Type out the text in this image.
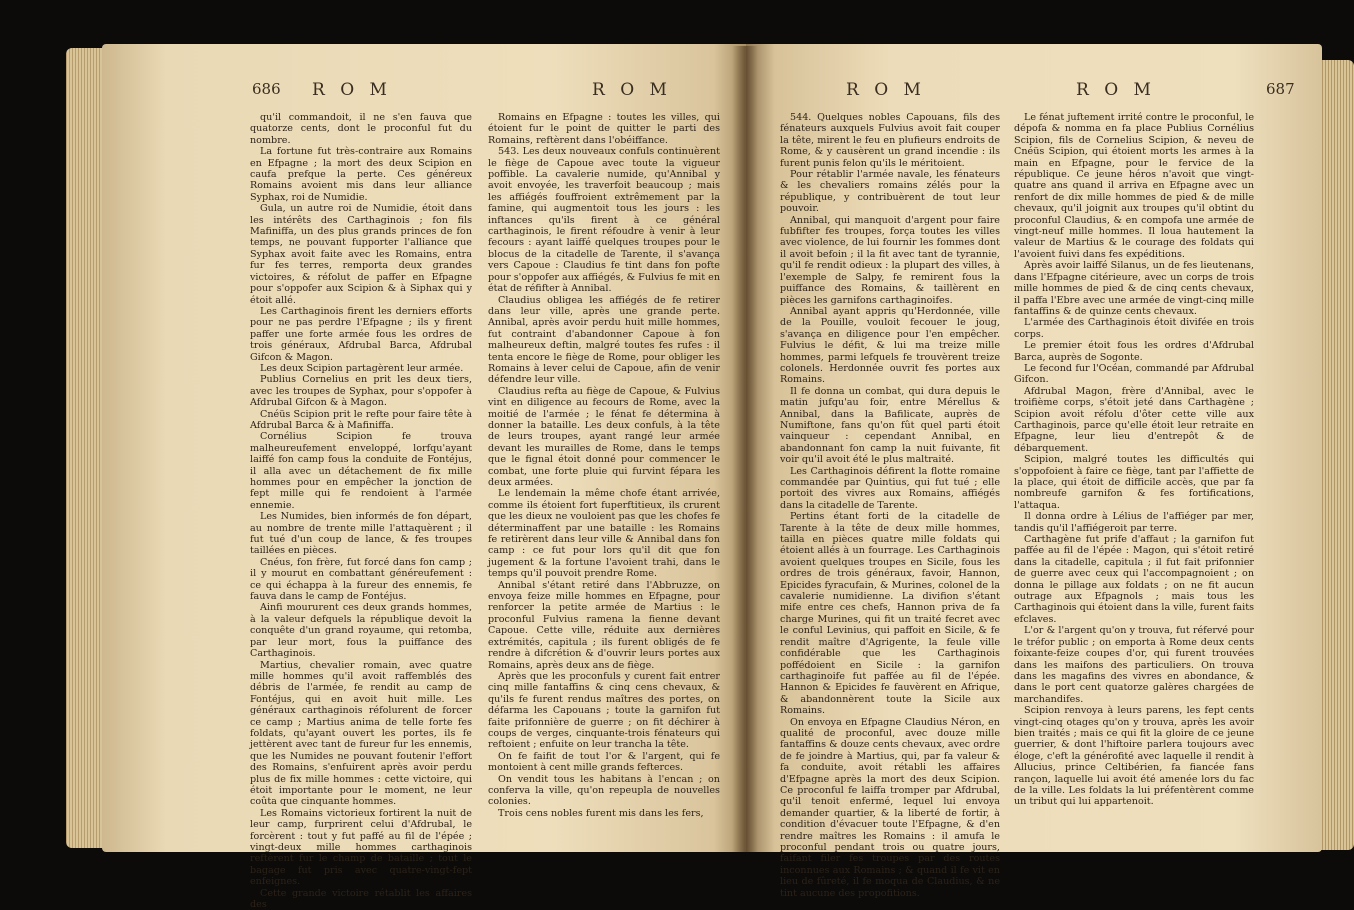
686 R O M	R O M

qu'il commandoit, il ne s'en fauva que quatorze cents, dont le proconful fut du nombre.

La fortune fut très-contraire aux Romains en Efpagne ; la mort des deux Scipion en caufa prefque la perte. Ces généreux Romains avoient mis dans leur alliance Syphax, roi de Numidie.

Gula, un autre roi de Numidie, étoit dans les intérêts des Carthaginois ; fon fils Mafiniffa, un des plus grands princes de fon temps, ne pouvant fupporter l'alliance que Syphax avoit faite avec les Romains, entra fur fes terres, remporta deux grandes victoires, & réfolut de paffer en Efpagne pour s'oppofer aux Scipion & à Siphax qui y étoit allé.

Les Carthaginois firent les derniers efforts pour ne pas perdre l'Efpagne ; ils y firent paffer une forte armée fous les ordres de trois généraux, Afdrubal Barca, Afdrubal Gifcon & Magon.

Les deux Scipion partagèrent leur armée.

Publius Cornelius en prit les deux tiers, avec les troupes de Syphax, pour s'oppofer à Afdrubal Gifcon & à Magon.

Cnéüs Scipion prit le refte pour faire tête à Afdrubal Barca & à Mafiniffa.

Cornélius Scipion fe trouva malheureufement enveloppé, lorfqu'ayant laiffé fon camp fous la conduite de Fontéjus, il alla avec un détachement de fix mille hommes pour en empêcher la jonction de fept mille qui fe rendoient à l'armée ennemie.

Les Numides, bien informés de fon départ, au nombre de trente mille l'attaquèrent ; il fut tué d'un coup de lance, & fes troupes taillées en pièces.

Cnéus, fon frère, fut forcé dans fon camp ; il y mourut en combattant généreufement : ce qui échappa à la fureur des ennemis, fe fauva dans le camp de Fontéjus.

Ainfi moururent ces deux grands hommes, à la valeur defquels la république devoit la conquête d'un grand royaume, qui retomba, par leur mort, fous la puiffance des Carthaginois.

Martius, chevalier romain, avec quatre mille hommes qu'il avoit raffemblés des débris de l'armée, fe rendit au camp de Fontéjus, qui en avoit huit mille. Les généraux carthaginois réfolurent de forcer ce camp ; Martius anima de telle forte fes foldats, qu'ayant ouvert les portes, ils fe jettèrent avec tant de fureur fur les ennemis, que les Numides ne pouvant foutenir l'effort des Romains, s'enfuirent après avoir perdu plus de fix mille hommes : cette victoire, qui étoit importante pour le moment, ne leur coûta que cinquante hommes.

Les Romains victorieux fortirent la nuit de leur camp, furprirent celui d'Afdrubal, le forcèrent : tout y fut paffé au fil de l'épée ; vingt-deux mille hommes carthaginois reftèrent fur le champ de bataille ; tout le bagage fut pris avec quatre-vingt-fept enfeignes.

Cette grande victoire rétablit les affaires des

Romains en Efpagne : toutes les villes, qui étoient fur le point de quitter le parti des Romains, reftèrent dans l'obéiffance.

543. Les deux nouveaux confuls continuèrent le fiège de Capoue avec toute la vigueur poffible. La cavalerie numide, qu'Annibal y avoit envoyée, les traverfoit beaucoup ; mais les affiégés fouffroient extrêmement par la famine, qui augmentoit tous les jours : les inftances qu'ils firent à ce général carthaginois, le firent réfoudre à venir à leur fecours : ayant laiffé quelques troupes pour le blocus de la citadelle de Tarente, il s'avança vers Capoue : Claudius fe tint dans fon pofte pour s'oppofer aux affiégés, & Fulvius fe mit en état de réfifter à Annibal.

Claudius obligea les affiégés de fe retirer dans leur ville, après une grande perte. Annibal, après avoir perdu huit mille hommes, fut contraint d'abandonner Capoue à fon malheureux deftin, malgré toutes fes rufes : il tenta encore le fiège de Rome, pour obliger les Romains à lever celui de Capoue, afin de venir défendre leur ville.

Claudius refta au fiège de Capoue, & Fulvius vint en diligence au fecours de Rome, avec la moitié de l'armée ; le fénat fe détermina à donner la bataille. Les deux confuls, à la tête de leurs troupes, ayant rangé leur armée devant les murailles de Rome, dans le temps que le fignal étoit donné pour commencer le combat, une forte pluie qui furvint fépara les deux armées.

Le lendemain la même chofe étant arrivée, comme ils étoient fort fuperftitieux, ils crurent que les dieux ne vouloient pas que les chofes fe déterminaffent par une bataille : les Romains fe retirèrent dans leur ville & Annibal dans fon camp : ce fut pour lors qu'il dit que fon jugement & la fortune l'avoient trahi, dans le temps qu'il pouvoit prendre Rome.

Annibal s'étant retiré dans l'Abbruzze, on envoya feize mille hommes en Efpagne, pour renforcer la petite armée de Martius : le proconful Fulvius ramena la fienne devant Capoue. Cette ville, réduite aux dernières extrémités, capitula ; ils furent obligés de fe rendre à difcrétion & d'ouvrir leurs portes aux Romains, après deux ans de fiège.

Après que les proconfuls y curent fait entrer cinq mille fantaffins & cinq cens chevaux, & qu'ils fe furent rendus maîtres des portes, on défarma les Capouans ; toute la garnifon fut faite prifonnière de guerre ; on fit déchirer à coups de verges, cinquante-trois fénateurs qui reftoient ; enfuite on leur trancha la tête.

On fe faifit de tout l'or & l'argent, qui fe montoient à cent mille grands fefterces.

On vendit tous les habitans à l'encan ; on conferva la ville, qu'on repeupla de nouvelles colonies.

Trois cens nobles furent mis dans les fers,

R O M	R O M	687

544. Quelques nobles Capouans, fils des fénateurs auxquels Fulvius avoit fait couper la tête, mirent le feu en plufieurs endroits de Rome, & y causèrent un grand incendie : ils furent punis felon qu'ils le méritoient.

Pour rétablir l'armée navale, les fénateurs & les chevaliers romains zélés pour la république, y contribuèrent de tout leur pouvoir.

Annibal, qui manquoit d'argent pour faire fubfifter fes troupes, força toutes les villes avec violence, de lui fournir les fommes dont il avoit befoin ; il la fit avec tant de tyrannie, qu'il fe rendit odieux : la plupart des villes, à l'exemple de Salpy, fe remirent fous la puiffance des Romains, & taillèrent en pièces les garnifons carthaginoifes.

Annibal ayant appris qu'Herdonnée, ville de la Pouille, vouloit fecouer le joug, s'avança en diligence pour l'en empêcher. Fulvius le défit, & lui ma treize mille hommes, parmi lefquels fe trouvèrent treize colonels. Herdonnée ouvrit fes portes aux Romains.

Il fe donna un combat, qui dura depuis le matin jufqu'au foir, entre Mérellus & Annibal, dans la Bafilicate, auprès de Numiftone, fans qu'on fût quel parti étoit vainqueur : cependant Annibal, en abandonnant fon camp la nuit fuivante, fit voir qu'il avoit été le plus maltraité.

Les Carthaginois défirent la flotte romaine commandée par Quintius, qui fut tué ; elle portoit des vivres aux Romains, affiégés dans la citadelle de Tarente.

Pertins étant forti de la citadelle de Tarente à la tête de deux mille hommes, tailla en pièces quatre mille foldats qui étoient allés à un fourrage. Les Carthaginois avoient quelques troupes en Sicile, fous les ordres de trois généraux, favoir, Hannon, Epicides fyracufain, & Murines, colonel de la cavalerie numidienne. La divifion s'étant mife entre ces chefs, Hannon priva de fa charge Murines, qui fit un traité fecret avec le conful Levinius, qui paffoit en Sicile, & fe rendit maître d'Agrigente, la feule ville confidérable que les Carthaginois poffédoient en Sicile : la garnifon carthaginoife fut paffée au fil de l'épée. Hannon & Epicides fe fauvèrent en Afrique, & abandonnèrent toute la Sicile aux Romains.

On envoya en Efpagne Claudius Néron, en qualité de proconful, avec douze mille fantaffins & douze cents chevaux, avec ordre de fe joindre à Martius, qui, par fa valeur & fa conduite, avoit rétabli les affaires d'Efpagne après la mort des deux Scipion. Ce proconful fe laiffa tromper par Afdrubal, qu'il tenoit enfermé, lequel lui envoya demander quartier, & la liberté de fortir, à condition d'évacuer toute l'Efpagne, & d'en rendre maîtres les Romains : il amufa le proconful pendant trois ou quatre jours, faifant filer fes troupes par des routes inconnues aux Romains ; & quand il fe vit en lieu de fûreté, il fe moqua de Claudius, & ne tint aucune des propofitions.

Le fénat juftement irrité contre le proconful, le dépofa & nomma en fa place Publius Cornélius Scipion, fils de Cornelius Scipion, & neveu de Cnéüs Scipion, qui étoient morts les armes à la main en Efpagne, pour le fervice de la république. Ce jeune héros n'avoit que vingt-quatre ans quand il arriva en Efpagne avec un renfort de dix mille hommes de pied & de mille chevaux, qu'il joignit aux troupes qu'il obtint du proconful Claudius, & en compofa une armée de vingt-neuf mille hommes. Il loua hautement la valeur de Martius & le courage des foldats qui l'avoient fuivi dans fes expéditions.

Après avoir laiffé Silanus, un de fes lieutenans, dans l'Efpagne citérieure, avec un corps de trois mille hommes de pied & de cinq cents chevaux, il paffa l'Ebre avec une armée de vingt-cinq mille fantaffins & de quinze cents chevaux.

L'armée des Carthaginois étoit divifée en trois corps.

Le premier étoit fous les ordres d'Afdrubal Barca, auprès de Sogonte.

Le fecond fur l'Océan, commandé par Afdrubal Gifcon.

Afdrubal Magon, frère d'Annibal, avec le troifième corps, s'étoit jeté dans Carthagène ; Scipion avoit réfolu d'ôter cette ville aux Carthaginois, parce qu'elle étoit leur retraite en Efpagne, leur lieu d'entrepôt & de débarquement.

Scipion, malgré toutes les difficultés qui s'oppofoient à faire ce fiège, tant par l'affiette de la place, qui étoit de difficile accès, que par fa nombreufe garnifon & fes fortifications, l'attaqua.

Il donna ordre à Lélius de l'affiéger par mer, tandis qu'il l'affiégeroit par terre.

Carthagène fut prife d'affaut ; la garnifon fut paffée au fil de l'épée : Magon, qui s'étoit retiré dans la citadelle, capitula ; il fut fait prifonnier de guerre avec ceux qui l'accompagnoient ; on donna le pillage aux foldats ; on ne fit aucun outrage aux Efpagnols ; mais tous les Carthaginois qui étoient dans la ville, furent faits efclaves.

L'or & l'argent qu'on y trouva, fut réfervé pour le tréfor public ; on emporta à Rome deux cents foixante-feize coupes d'or, qui furent trouvées dans les maifons des particuliers. On trouva dans les magafins des vivres en abondance, & dans le port cent quatorze galères chargées de marchandifes.

Scipion renvoya à leurs parens, les fept cents vingt-cinq otages qu'on y trouva, après les avoir bien traités ; mais ce qui fit la gloire de ce jeune guerrier, & dont l'hiftoire parlera toujours avec éloge, c'eft la générofité avec laquelle il rendit à Allucius, prince Celtibérien, fa fiancée fans rançon, laquelle lui avoit été amenée lors du fac de la ville. Les foldats la lui préfentèrent comme un tribut qui lui appartenoit.
